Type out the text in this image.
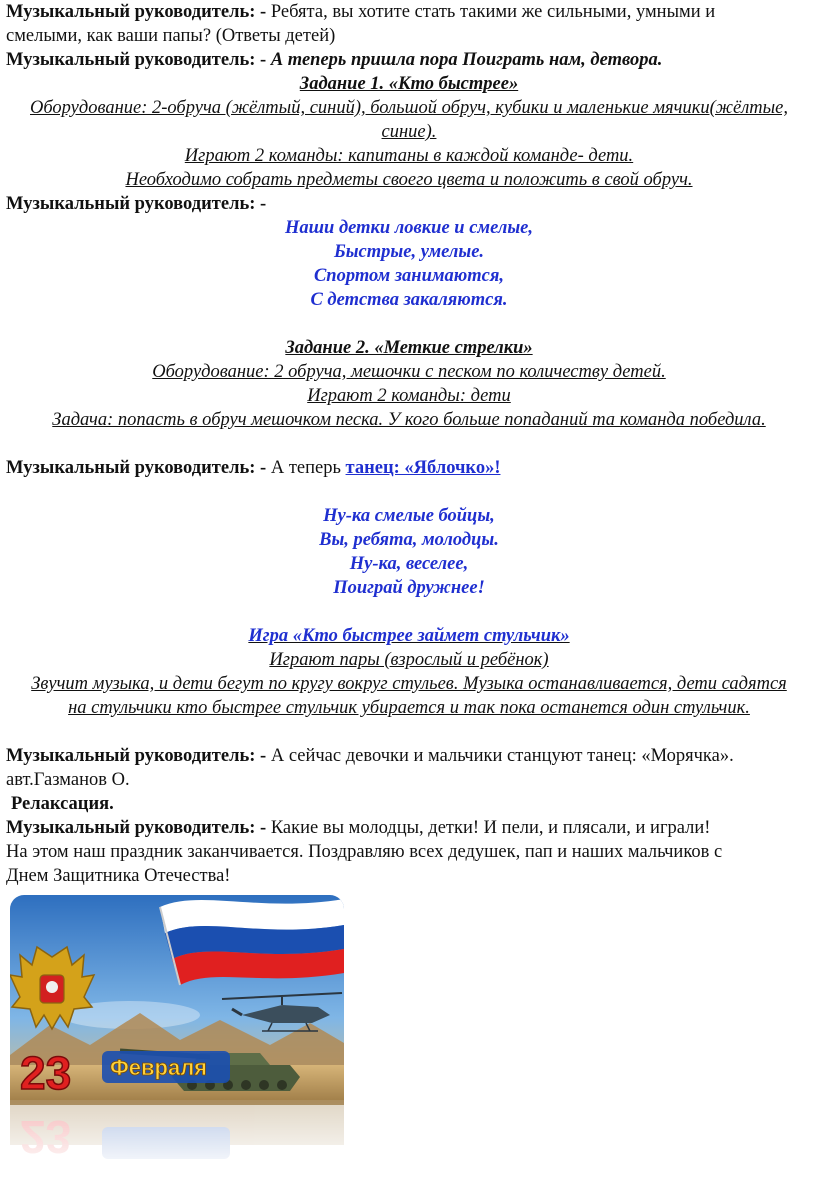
Музыкальный руководитель: - Ребята, вы хотите стать такими же сильными, умными и
смелыми, как ваши папы? (Ответы детей)

Музыкальный руководитель: - А теперь пришла пора Поиграть нам, детвора.

Задание 1. «Кто быстрее»
Оборудование: 2-обруча (жёлтый, синий), большой обруч, кубики и маленькие мячики(жёлтые,
синие).
Играют 2 команды: капитаны в каждой команде- дети.
Необходимо собрать предметы своего цвета и положить в свой обруч.

Музыкальный руководитель: -

Наши детки ловкие и смелые,
Быстрые, умелые.
Спортом занимаются,
С детства закаляются.
Задание 2. «Меткие стрелки»
Оборудование: 2 обруча, мешочки с песком по количеству детей.
Играют 2 команды: дети
Задача: попасть в обруч мешочком песка. У кого больше попаданий та команда победила.

Музыкальный руководитель: - А теперь танец: «Яблочко»!

Ну-ка смелые бойцы,
Вы, ребята, молодцы.
Ну-ка, веселее,
Поиграй дружнее!
Игра «Кто быстрее займет стульчик»
Играют пары (взрослый и ребёнок)
Звучит музыка, и дети бегут по кругу вокруг стульев. Музыка останавливается, дети садятся
на стульчики кто быстрее стульчик убирается и так пока останется один стульчик.

Музыкальный руководитель: - А сейчас девочки и мальчики станцуют танец: «Морячка».
авт.Газманов О.

Релаксация.

Музыкальный руководитель: - Какие вы молодцы, детки! И пели, и плясали, и играли!
На этом наш праздник заканчивается. Поздравляю всех дедушек, пап и наших мальчиков с
Днем Защитника Отечества!

23 Февраля
